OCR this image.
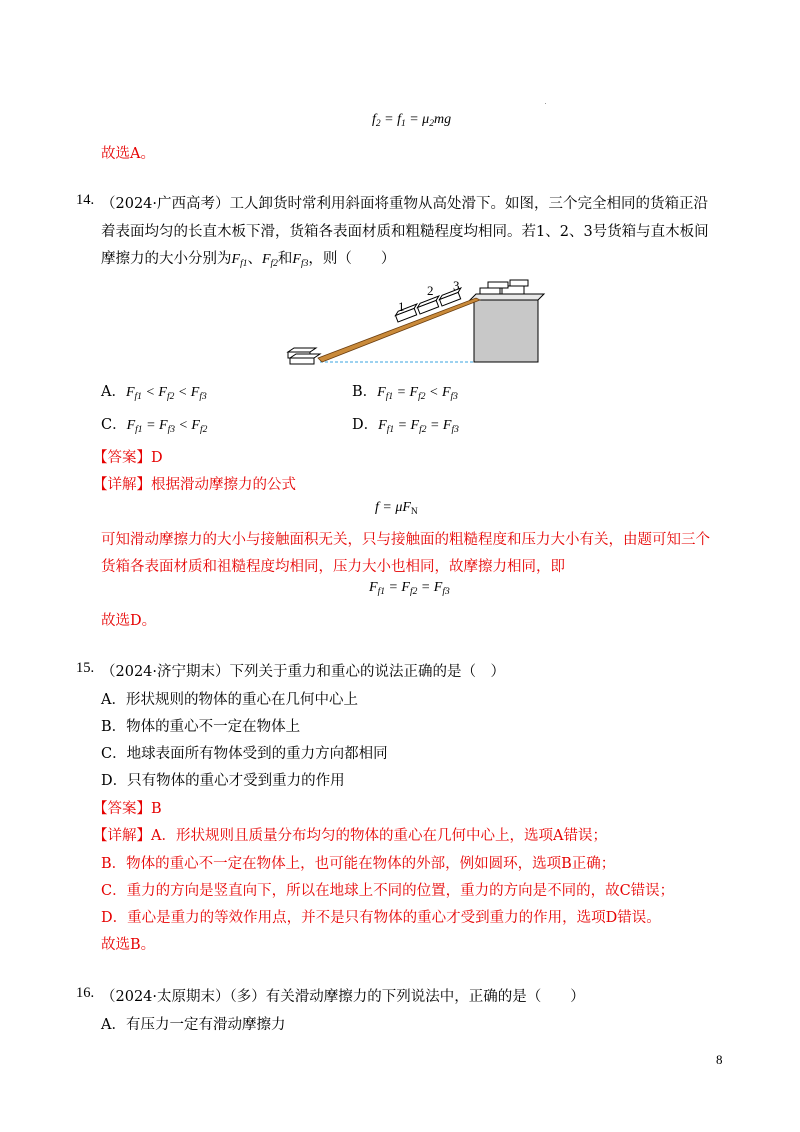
$f_2 = f_1 = \mu_2mg$
故选A。
14. （2024·广西高考）工人卸货时常利用斜面将重物从高处滑下。如图，三个完全相同的货箱正沿
着表面均匀的长直木板下滑，货箱各表面材质和粗糙程度均相同。若1、2、3号货箱与直木板间
摩擦力的大小分别为$F_{f1}$、$F_{f2}$和$F_{f3}$，则（　　）
1
2 3
A．$F_{f1} < F_{f2} < F_{f3}$	B．$F_{f1} = F_{f2} < F_{f3}$
C．$F_{f1} = F_{f3} < F_{f2}$	D．$F_{f1} = F_{f2} = F_{f3}$
【答案】D
【详解】根据滑动摩擦力的公式
$f = \mu F_N$
可知滑动摩擦力的大小与接触面积无关，只与接触面的粗糙程度和压力大小有关，由题可知三个
货箱各表面材质和祖糙程度均相同，压力大小也相同，故摩擦力相同，即
$F_{f1} = F_{f2} = F_{f3}$
故选D。
15. （2024·济宁期末）下列关于重力和重心的说法正确的是（　）
A．形状规则的物体的重心在几何中心上
B．物体的重心不一定在物体上
C．地球表面所有物体受到的重力方向都相同
D．只有物体的重心才受到重力的作用
【答案】B
【详解】A．形状规则且质量分布均匀的物体的重心在几何中心上，选项A错误；
B．物体的重心不一定在物体上，也可能在物体的外部，例如圆环，选项B正确；
C．重力的方向是竖直向下，所以在地球上不同的位置，重力的方向是不同的，故C错误；
D．重心是重力的等效作用点，并不是只有物体的重心才受到重力的作用，选项D错误。
故选B。
16. （2024·太原期末）（多）有关滑动摩擦力的下列说法中，正确的是（　　）
A．有压力一定有滑动摩擦力
8
